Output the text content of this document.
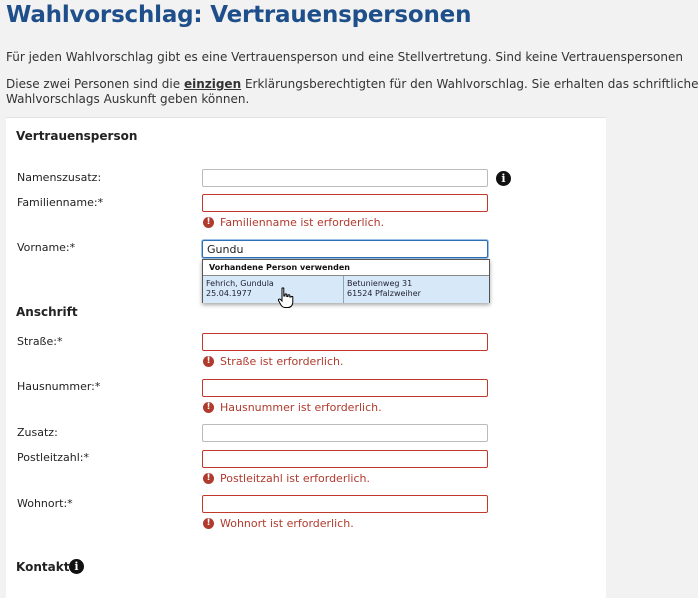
Wahlvorschlag: Vertrauenspersonen
Für jeden Wahlvorschlag gibt es eine Vertrauensperson und eine Stellvertretung. Sind keine Vertrauenspersonen
Diese zwei Personen sind die einzigen Erklärungsberechtigten für den Wahlvorschlag. Sie erhalten das schriftliche
Wahlvorschlags Auskunft geben können.
Vertrauensperson
Namenszusatz:	i
Familienname:*
! Familienname ist erforderlich.
Vorname:*
Gundu
Vorhandene Person verwenden
Fehrich, Gundula
25.04.1977
Betunienweg 31
61524 Pfalzweiher
Anschrift
Straße:*
! Straße ist erforderlich.
Hausnummer:*
! Hausnummer ist erforderlich.
Zusatz:
Postleitzahl:*
! Postleitzahl ist erforderlich.
Wohnort:*
! Wohnort ist erforderlich.
Kontakt i
